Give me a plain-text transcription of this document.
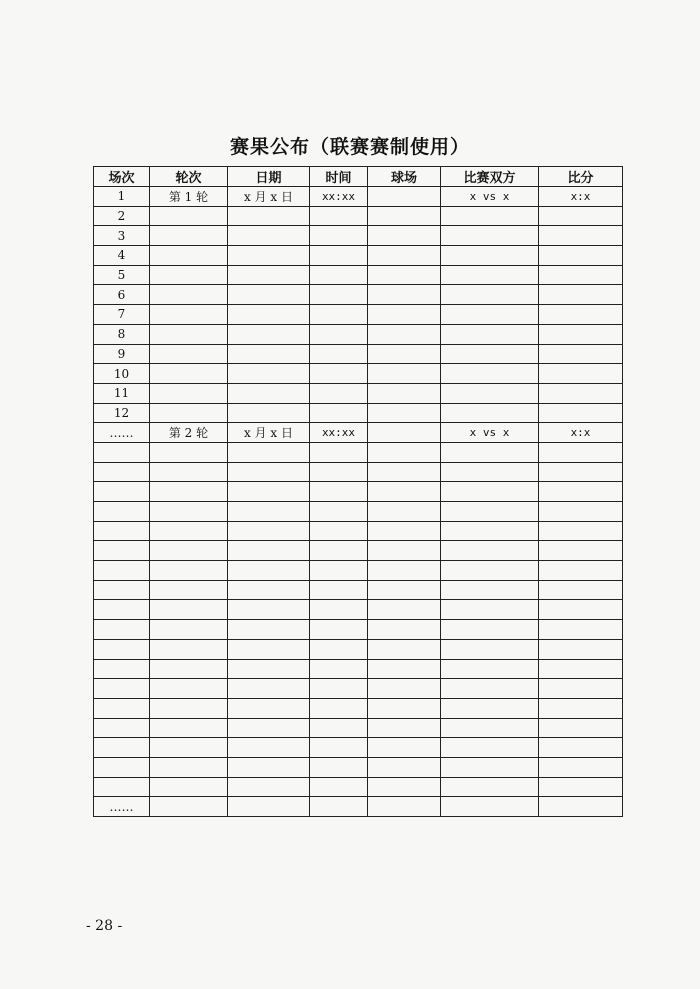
赛果公布（联赛赛制使用）
场次	轮次	日期	时间	球场	比赛双方	比分
1	第 1 轮	x 月 x 日	xx:xx		x vs x	x:x
2						
3						
4						
5						
6						
7						
8						
9						
10						
11						
12						
……	第 2 轮	x 月 x 日	xx:xx		x vs x	x:x

……						
- 28 -
